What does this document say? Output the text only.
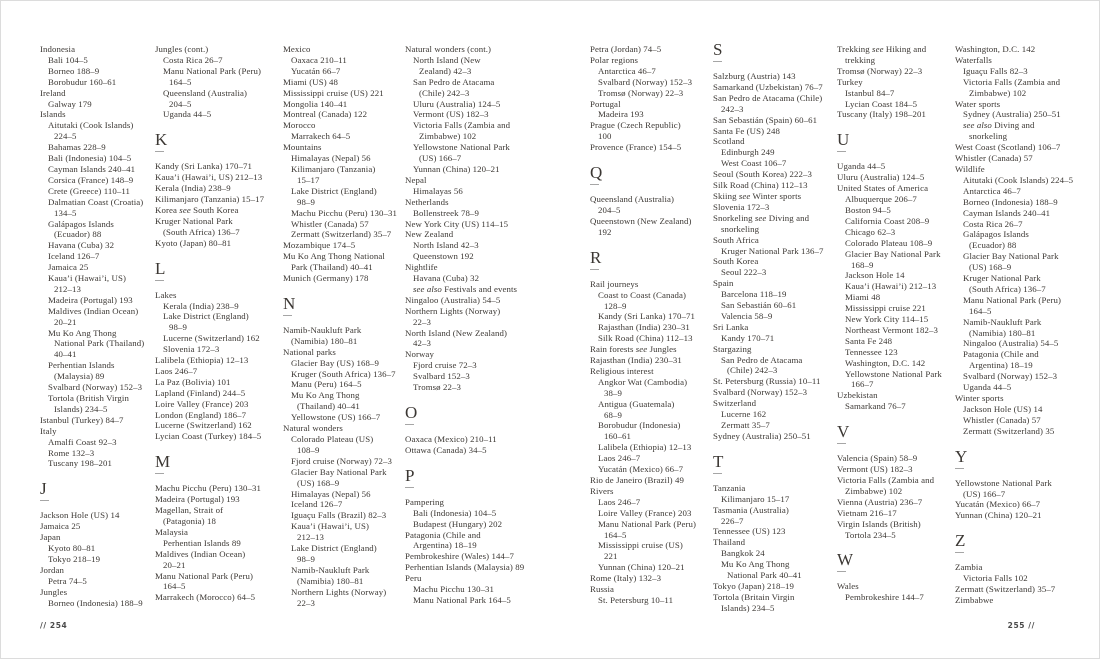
Indonesia
Bali 104–5
Borneo 188–9
Borobudur 160–61
Ireland
Galway 179
Islands
Aitutaki (Cook Islands)
224–5
Bahamas 228–9
Bali (Indonesia) 104–5
Cayman Islands 240–41
Corsica (France) 148–9
Crete (Greece) 110–11
Dalmatian Coast (Croatia)
134–5
Galápagos Islands
(Ecuador) 88
Havana (Cuba) 32
Iceland 126–7
Jamaica 25
Kaua’i (Hawai’i, US)
212–13
Madeira (Portugal) 193
Maldives (Indian Ocean)
20–21
Mu Ko Ang Thong
National Park (Thailand)
40–41
Perhentian Islands
(Malaysia) 89
Svalbard (Norway) 152–3
Tortola (British Virgin
Islands) 234–5
Istanbul (Turkey) 84–7
Italy
Amalfi Coast 92–3
Rome 132–3
Tuscany 198–201
J
Jackson Hole (US) 14
Jamaica 25
Japan
Kyoto 80–81
Tokyo 218–19
Jordan
Petra 74–5
Jungles
Borneo (Indonesia) 188–9
Jungles (cont.)
Costa Rica 26–7
Manu National Park (Peru)
164–5
Queensland (Australia)
204–5
Uganda 44–5
K
Kandy (Sri Lanka) 170–71
Kaua’i (Hawai’i, US) 212–13
Kerala (India) 238–9
Kilimanjaro (Tanzania) 15–17
Korea see South Korea
Kruger National Park
(South Africa) 136–7
Kyoto (Japan) 80–81
L
Lakes
Kerala (India) 238–9
Lake District (England)
98–9
Lucerne (Switzerland) 162
Slovenia 172–3
Lalibela (Ethiopia) 12–13
Laos 246–7
La Paz (Bolivia) 101
Lapland (Finland) 244–5
Loire Valley (France) 203
London (England) 186–7
Lucerne (Switzerland) 162
Lycian Coast (Turkey) 184–5
M
Machu Picchu (Peru) 130–31
Madeira (Portugal) 193
Magellan, Strait of
(Patagonia) 18
Malaysia
Perhentian Islands 89
Maldives (Indian Ocean)
20–21
Manu National Park (Peru)
164–5
Marrakech (Morocco) 64–5
Mexico
Oaxaca 210–11
Yucatán 66–7
Miami (US) 48
Mississippi cruise (US) 221
Mongolia 140–41
Montreal (Canada) 122
Morocco
Marrakech 64–5
Mountains
Himalayas (Nepal) 56
Kilimanjaro (Tanzania)
15–17
Lake District (England)
98–9
Machu Picchu (Peru) 130–31
Whistler (Canada) 57
Zermatt (Switzerland) 35–7
Mozambique 174–5
Mu Ko Ang Thong National
Park (Thailand) 40–41
Munich (Germany) 178
N
Namib-Naukluft Park
(Namibia) 180–81
National parks
Glacier Bay (US) 168–9
Kruger (South Africa) 136–7
Manu (Peru) 164–5
Mu Ko Ang Thong
(Thailand) 40–41
Yellowstone (US) 166–7
Natural wonders
Colorado Plateau (US)
108–9
Fjord cruise (Norway) 72–3
Glacier Bay National Park
(US) 168–9
Himalayas (Nepal) 56
Iceland 126–7
Iguaçu Falls (Brazil) 82–3
Kaua’i (Hawai’i, US)
212–13
Lake District (England)
98–9
Namib-Naukluft Park
(Namibia) 180–81
Northern Lights (Norway)
22–3
Natural wonders (cont.)
North Island (New
Zealand) 42–3
San Pedro de Atacama
(Chile) 242–3
Uluru (Australia) 124–5
Vermont (US) 182–3
Victoria Falls (Zambia and
Zimbabwe) 102
Yellowstone National Park
(US) 166–7
Yunnan (China) 120–21
Nepal
Himalayas 56
Netherlands
Bollenstreek 78–9
New York City (US) 114–15
New Zealand
North Island 42–3
Queenstown 192
Nightlife
Havana (Cuba) 32
see also Festivals and events
Ningaloo (Australia) 54–5
Northern Lights (Norway)
22–3
North Island (New Zealand)
42–3
Norway
Fjord cruise 72–3
Svalbard 152–3
Tromsø 22–3
O
Oaxaca (Mexico) 210–11
Ottawa (Canada) 34–5
P
Pampering
Bali (Indonesia) 104–5
Budapest (Hungary) 202
Patagonia (Chile and
Argentina) 18–19
Pembrokeshire (Wales) 144–7
Perhentian Islands (Malaysia) 89
Peru
Machu Picchu 130–31
Manu National Park 164–5
Petra (Jordan) 74–5
Polar regions
Antarctica 46–7
Svalbard (Norway) 152–3
Tromsø (Norway) 22–3
Portugal
Madeira 193
Prague (Czech Republic)
100
Provence (France) 154–5
Q
Queensland (Australia)
204–5
Queenstown (New Zealand)
192
R
Rail journeys
Coast to Coast (Canada)
128–9
Kandy (Sri Lanka) 170–71
Rajasthan (India) 230–31
Silk Road (China) 112–13
Rain forests see Jungles
Rajasthan (India) 230–31
Religious interest
Angkor Wat (Cambodia)
38–9
Antigua (Guatemala)
68–9
Borobudur (Indonesia)
160–61
Lalibela (Ethiopia) 12–13
Laos 246–7
Yucatán (Mexico) 66–7
Rio de Janeiro (Brazil) 49
Rivers
Laos 246–7
Loire Valley (France) 203
Manu National Park (Peru)
164–5
Mississippi cruise (US)
221
Yunnan (China) 120–21
Rome (Italy) 132–3
Russia
St. Petersburg 10–11
S
Salzburg (Austria) 143
Samarkand (Uzbekistan) 76–7
San Pedro de Atacama (Chile)
242–3
San Sebastián (Spain) 60–61
Santa Fe (US) 248
Scotland
Edinburgh 249
West Coast 106–7
Seoul (South Korea) 222–3
Silk Road (China) 112–13
Skiing see Winter sports
Slovenia 172–3
Snorkeling see Diving and
snorkeling
South Africa
Kruger National Park 136–7
South Korea
Seoul 222–3
Spain
Barcelona 118–19
San Sebastián 60–61
Valencia 58–9
Sri Lanka
Kandy 170–71
Stargazing
San Pedro de Atacama
(Chile) 242–3
St. Petersburg (Russia) 10–11
Svalbard (Norway) 152–3
Switzerland
Lucerne 162
Zermatt 35–7
Sydney (Australia) 250–51
T
Tanzania
Kilimanjaro 15–17
Tasmania (Australia)
226–7
Tennessee (US) 123
Thailand
Bangkok 24
Mu Ko Ang Thong
National Park 40–41
Tokyo (Japan) 218–19
Tortola (Britain Virgin
Islands) 234–5
Trekking see Hiking and
trekking
Tromsø (Norway) 22–3
Turkey
Istanbul 84–7
Lycian Coast 184–5
Tuscany (Italy) 198–201
U
Uganda 44–5
Uluru (Australia) 124–5
United States of America
Albuquerque 206–7
Boston 94–5
California Coast 208–9
Chicago 62–3
Colorado Plateau 108–9
Glacier Bay National Park
168–9
Jackson Hole 14
Kaua’i (Hawai’i) 212–13
Miami 48
Mississippi cruise 221
New York City 114–15
Northeast Vermont 182–3
Santa Fe 248
Tennessee 123
Washington, D.C. 142
Yellowstone National Park
166–7
Uzbekistan
Samarkand 76–7
V
Valencia (Spain) 58–9
Vermont (US) 182–3
Victoria Falls (Zambia and
Zimbabwe) 102
Vienna (Austria) 236–7
Vietnam 216–17
Virgin Islands (British)
Tortola 234–5
W
Wales
Pembrokeshire 144–7
Washington, D.C. 142
Waterfalls
Iguaçu Falls 82–3
Victoria Falls (Zambia and
Zimbabwe) 102
Water sports
Sydney (Australia) 250–51
see also Diving and
snorkeling
West Coast (Scotland) 106–7
Whistler (Canada) 57
Wildlife
Aitutaki (Cook Islands) 224–5
Antarctica 46–7
Borneo (Indonesia) 188–9
Cayman Islands 240–41
Costa Rica 26–7
Galápagos Islands
(Ecuador) 88
Glacier Bay National Park
(US) 168–9
Kruger National Park
(South Africa) 136–7
Manu National Park (Peru)
164–5
Namib-Naukluft Park
(Namibia) 180–81
Ningaloo (Australia) 54–5
Patagonia (Chile and
Argentina) 18–19
Svalbard (Norway) 152–3
Uganda 44–5
Winter sports
Jackson Hole (US) 14
Whistler (Canada) 57
Zermatt (Switzerland) 35
Y
Yellowstone National Park
(US) 166–7
Yucatán (Mexico) 66–7
Yunnan (China) 120–21
Z
Zambia
Victoria Falls 102
Zermatt (Switzerland) 35–7
Zimbabwe
// 254	255 //
